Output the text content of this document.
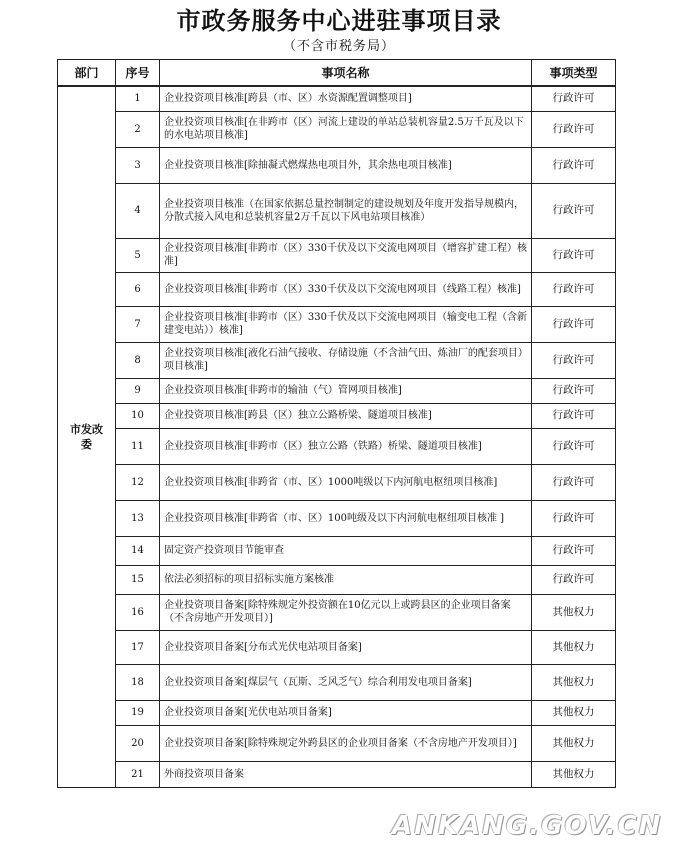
市政务服务中心进驻事项目录
（不含市税务局）
部门	序号	事项名称	事项类型
市发改委	1	企业投资项目核准[跨县（市、区）水资源配置调整项目]	行政许可
	2	企业投资项目核准[在非跨市（区）河流上建设的单站总装机容量2.5万千瓦及以下的水电站项目核准]	行政许可
	3	企业投资项目核准[除抽凝式燃煤热电项目外，其余热电项目核准]	行政许可
	4	企业投资项目核准（在国家依据总量控制制定的建设规划及年度开发指导规模内，分散式接入风电和总装机容量2万千瓦以下风电站项目核准）	行政许可
	5	企业投资项目核准[非跨市（区）330千伏及以下交流电网项目（增容扩建工程）核准]	行政许可
	6	企业投资项目核准[非跨市（区）330千伏及以下交流电网项目（线路工程）核准]	行政许可
	7	企业投资项目核准[非跨市（区）330千伏及以下交流电网项目（输变电工程（含新建变电站））核准]	行政许可
	8	企业投资项目核准[液化石油气接收、存储设施（不含油气田、炼油厂的配套项目）项目核准]	行政许可
	9	企业投资项目核准[非跨市的输油（气）管网项目核准]	行政许可
	10	企业投资项目核准[跨县（区）独立公路桥梁、隧道项目核准]	行政许可
	11	企业投资项目核准[非跨市（区）独立公路（铁路）桥梁、隧道项目核准]	行政许可
	12	企业投资项目核准[非跨省（市、区）1000吨级以下内河航电枢纽项目核准]	行政许可
	13	企业投资项目核准[非跨省（市、区）100吨级及以下内河航电枢纽项目核准 ]	行政许可
	14	固定资产投资项目节能审查	行政许可
	15	依法必须招标的项目招标实施方案核准	行政许可
	16	企业投资项目备案[除特殊规定外投资额在10亿元以上或跨县区的企业项目备案（不含房地产开发项目）]	其他权力
	17	企业投资项目备案[分布式光伏电站项目备案]	其他权力
	18	企业投资项目备案[煤层气（瓦斯、乏风乏气）综合利用发电项目备案]	其他权力
	19	企业投资项目备案[光伏电站项目备案]	其他权力
	20	企业投资项目备案[除特殊规定外跨县区的企业项目备案（不含房地产开发项目）]	其他权力
	21	外商投资项目备案	其他权力
ANKANG.GOV.CN
